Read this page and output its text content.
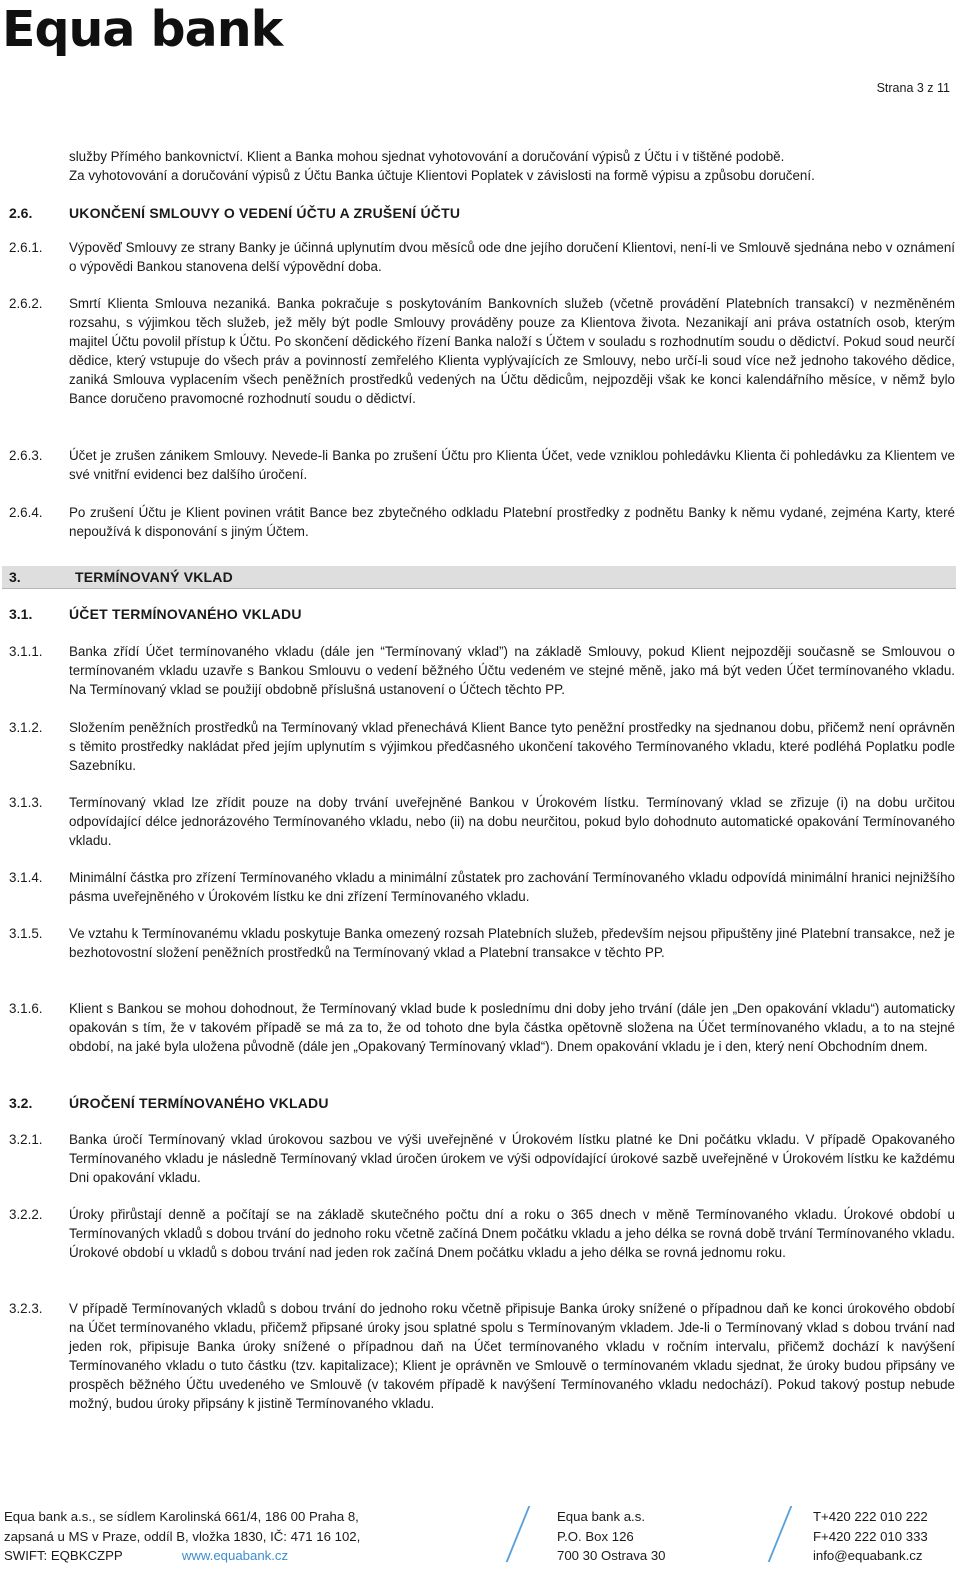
Equa bank
Strana 3 z 11
služby Přímého bankovnictví. Klient a Banka mohou sjednat vyhotovování a doručování výpisů z Účtu i v tištěné podobě.
Za vyhotovování a doručování výpisů z Účtu Banka účtuje Klientovi Poplatek v závislosti na formě výpisu a způsobu doručení.
2.6.	UKONČENÍ SMLOUVY O VEDENÍ ÚČTU A ZRUŠENÍ ÚČTU
2.6.1. Výpověď Smlouvy ze strany Banky je účinná uplynutím dvou měsíců ode dne jejího doručení Klientovi, není-li ve Smlouvě sjednána nebo v oznámení o výpovědi Bankou stanovena delší výpovědní doba.
2.6.2. Smrtí Klienta Smlouva nezaniká. Banka pokračuje s poskytováním Bankovních služeb (včetně provádění Platebních transakcí) v nezměněném rozsahu, s výjimkou těch služeb, jež měly být podle Smlouvy prováděny pouze za Klientova života. Nezanikají ani práva ostatních osob, kterým majitel Účtu povolil přístup k Účtu. Po skončení dědického řízení Banka naloží s Účtem v souladu s rozhodnutím soudu o dědictví. Pokud soud neurčí dědice, který vstupuje do všech práv a povinností zemřelého Klienta vyplývajících ze Smlouvy, nebo určí-li soud více než jednoho takového dědice, zaniká Smlouva vyplacením všech peněžních prostředků vedených na Účtu dědicům, nejpozději však ke konci kalendářního měsíce, v němž bylo Bance doručeno pravomocné rozhodnutí soudu o dědictví.
2.6.3. Účet je zrušen zánikem Smlouvy. Nevede-li Banka po zrušení Účtu pro Klienta Účet, vede vzniklou pohledávku Klienta či pohledávku za Klientem ve své vnitřní evidenci bez dalšího úročení.
2.6.4. Po zrušení Účtu je Klient povinen vrátit Bance bez zbytečného odkladu Platební prostředky z podnětu Banky k němu vydané, zejména Karty, které nepoužívá k disponování s jiným Účtem.
3.	TERMÍNOVANÝ VKLAD
3.1.	ÚČET TERMÍNOVANÉHO VKLADU
3.1.1. Banka zřídí Účet termínovaného vkladu (dále jen “Termínovaný vklad”) na základě Smlouvy, pokud Klient nejpozději současně se Smlouvou o termínovaném vkladu uzavře s Bankou Smlouvu o vedení běžného Účtu vedeném ve stejné měně, jako má být veden Účet termínovaného vkladu. Na Termínovaný vklad se použijí obdobně příslušná ustanovení o Účtech těchto PP.
3.1.2. Složením peněžních prostředků na Termínovaný vklad přenechává Klient Bance tyto peněžní prostředky na sjednanou dobu, přičemž není oprávněn s těmito prostředky nakládat před jejím uplynutím s výjimkou předčasného ukončení takového Termínovaného vkladu, které podléhá Poplatku podle Sazebníku.
3.1.3. Termínovaný vklad lze zřídit pouze na doby trvání uveřejněné Bankou v Úrokovém lístku. Termínovaný vklad se zřizuje (i) na dobu určitou odpovídající délce jednorázového Termínovaného vkladu, nebo (ii) na dobu neurčitou, pokud bylo dohodnuto automatické opakování Termínovaného vkladu.
3.1.4. Minimální částka pro zřízení Termínovaného vkladu a minimální zůstatek pro zachování Termínovaného vkladu odpovídá minimální hranici nejnižšího pásma uveřejněného v Úrokovém lístku ke dni zřízení Termínovaného vkladu.
3.1.5. Ve vztahu k Termínovanému vkladu poskytuje Banka omezený rozsah Platebních služeb, především nejsou připuštěny jiné Platební transakce, než je bezhotovostní složení peněžních prostředků na Termínovaný vklad a Platební transakce v těchto PP.
3.1.6. Klient s Bankou se mohou dohodnout, že Termínovaný vklad bude k poslednímu dni doby jeho trvání (dále jen „Den opakování vkladu“) automaticky opakován s tím, že v takovém případě se má za to, že od tohoto dne byla částka opětovně složena na Účet termínovaného vkladu, a to na stejné období, na jaké byla uložena původně (dále jen „Opakovaný Termínovaný vklad“). Dnem opakování vkladu je i den, který není Obchodním dnem.
3.2.	ÚROČENÍ TERMÍNOVANÉHO VKLADU
3.2.1. Banka úročí Termínovaný vklad úrokovou sazbou ve výši uveřejněné v Úrokovém lístku platné ke Dni počátku vkladu. V případě Opakovaného Termínovaného vkladu je následně Termínovaný vklad úročen úrokem ve výši odpovídající úrokové sazbě uveřejněné v Úrokovém lístku ke každému Dni opakování vkladu.
3.2.2. Úroky přirůstají denně a počítají se na základě skutečného počtu dní a roku o 365 dnech v měně Termínovaného vkladu. Úrokové období u Termínovaných vkladů s dobou trvání do jednoho roku včetně začíná Dnem počátku vkladu a jeho délka se rovná době trvání Termínovaného vkladu. Úrokové období u vkladů s dobou trvání nad jeden rok začíná Dnem počátku vkladu a jeho délka se rovná jednomu roku.
3.2.3. V případě Termínovaných vkladů s dobou trvání do jednoho roku včetně připisuje Banka úroky snížené o případnou daň ke konci úrokového období na Účet termínovaného vkladu, přičemž připsané úroky jsou splatné spolu s Termínovaným vkladem. Jde-li o Termínovaný vklad s dobou trvání nad jeden rok, připisuje Banka úroky snížené o případnou daň na Účet termínovaného vkladu v ročním intervalu, přičemž dochází k navýšení Termínovaného vkladu o tuto částku (tzv. kapitalizace); Klient je oprávněn ve Smlouvě o termínovaném vkladu sjednat, že úroky budou připsány ve prospěch běžného Účtu uvedeného ve Smlouvě (v takovém případě k navýšení Termínovaného vkladu nedochází). Pokud takový postup nebude možný, budou úroky připsány k jistině Termínovaného vkladu.
Equa bank a.s., se sídlem Karolinská 661/4, 186 00 Praha 8,
zapsaná u MS v Praze, oddíl B, vložka 1830, IČ: 471 16 102,
SWIFT: EQBKCZPP	www.equabank.cz
Equa bank a.s.
P.O. Box 126
700 30 Ostrava 30
T+420 222 010 222
F+420 222 010 333
info@equabank.cz
